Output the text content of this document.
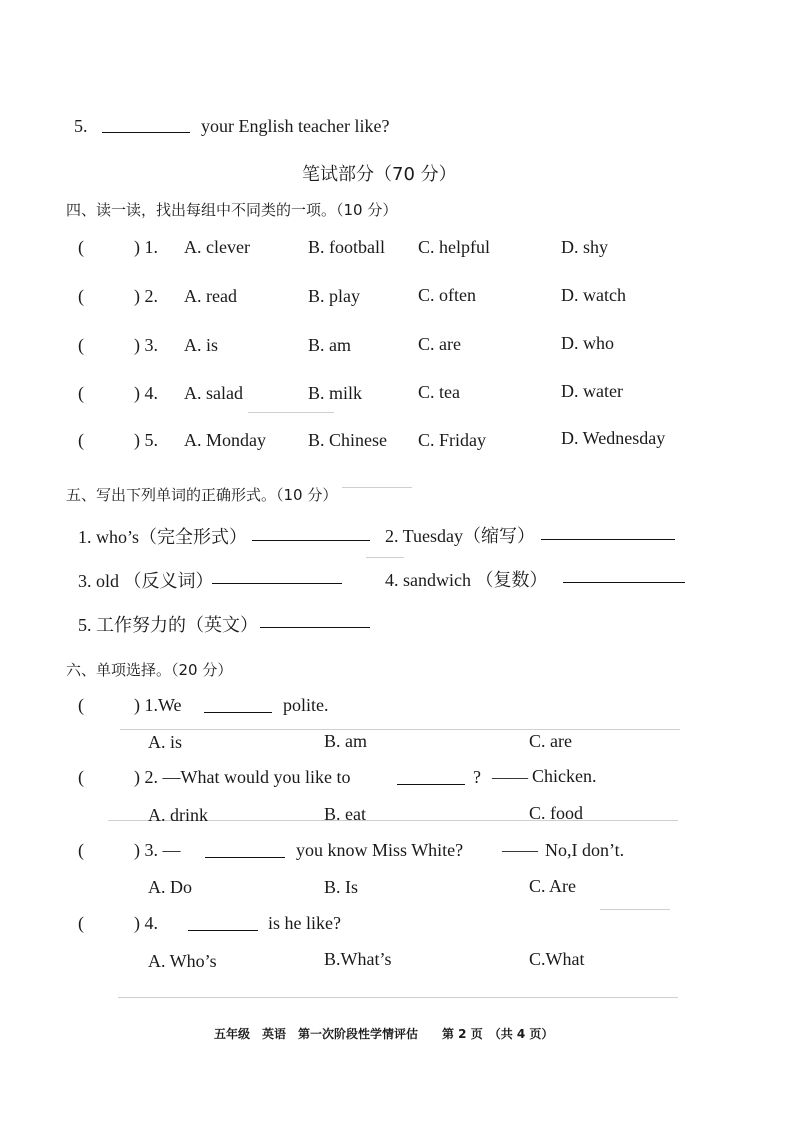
5.	your English teacher like?
笔试部分（70 分）
四、读一读，找出每组中不同类的一项。（10 分）
(	) 1. A. clever	B. football C. helpful	D. shy
(	) 2. A. read	B. play	C. often	D. watch
(	) 3. A. is	B. am	C. are	D. who
(	) 4. A. salad	B. milk	C. tea	D. water
(	) 5. A. Monday B. Chinese C. Friday	D. Wednesday
五、写出下列单词的正确形式。（10 分）
1. who’s（完全形式）	2. Tuesday（缩写）
3. old （反义词）	4. sandwich （复数）
5. 工作努力的（英文）
六、单项选择。（20 分）
(	) 1.We	polite.
A. is	B. am	C. are
(	) 2. —What would you like to	? —— Chicken.
A. drink	B. eat	C. food
(	) 3. —	you know Miss White? —— No,I don’t.
A. Do	B. Is	C. Are
(	) 4.	is he like?
A. Who’s	B.What’s	C.What
五年级　英语　第一次阶段性学情评估　　第 2 页　（共 4 页）
